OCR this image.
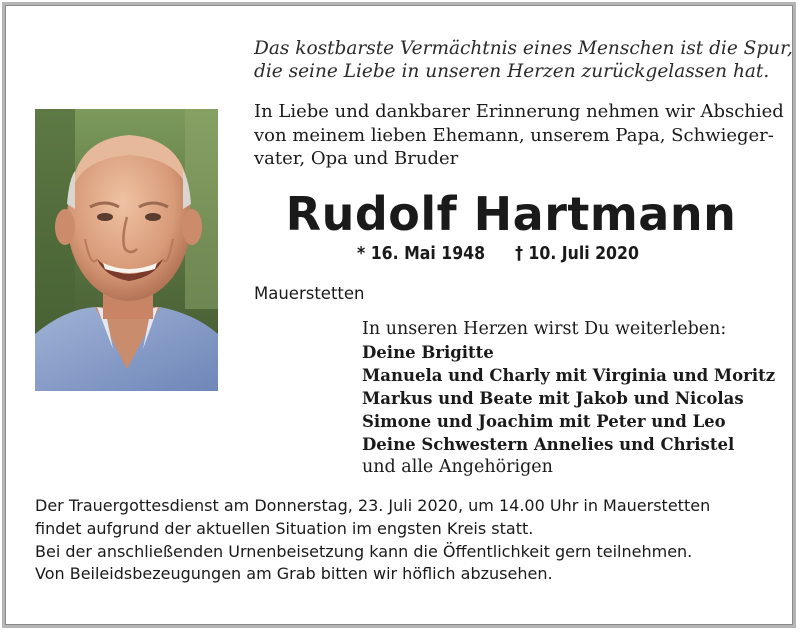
Das kostbarste Vermächtnis eines Menschen ist die Spur,
die seine Liebe in unseren Herzen zurückgelassen hat.
In Liebe und dankbarer Erinnerung nehmen wir Abschied
von meinem lieben Ehemann, unserem Papa, Schwieger-
vater, Opa und Bruder
Rudolf Hartmann
* 16. Mai 1948 † 10. Juli 2020
Mauerstetten
In unseren Herzen wirst Du weiterleben:
Deine Brigitte
Manuela und Charly mit Virginia und Moritz
Markus und Beate mit Jakob und Nicolas
Simone und Joachim mit Peter und Leo
Deine Schwestern Annelies und Christel
und alle Angehörigen
Der Trauergottesdienst am Donnerstag, 23. Juli 2020, um 14.00 Uhr in Mauerstetten
findet aufgrund der aktuellen Situation im engsten Kreis statt.
Bei der anschließenden Urnenbeisetzung kann die Öffentlichkeit gern teilnehmen.
Von Beileidsbezeugungen am Grab bitten wir höflich abzusehen.
